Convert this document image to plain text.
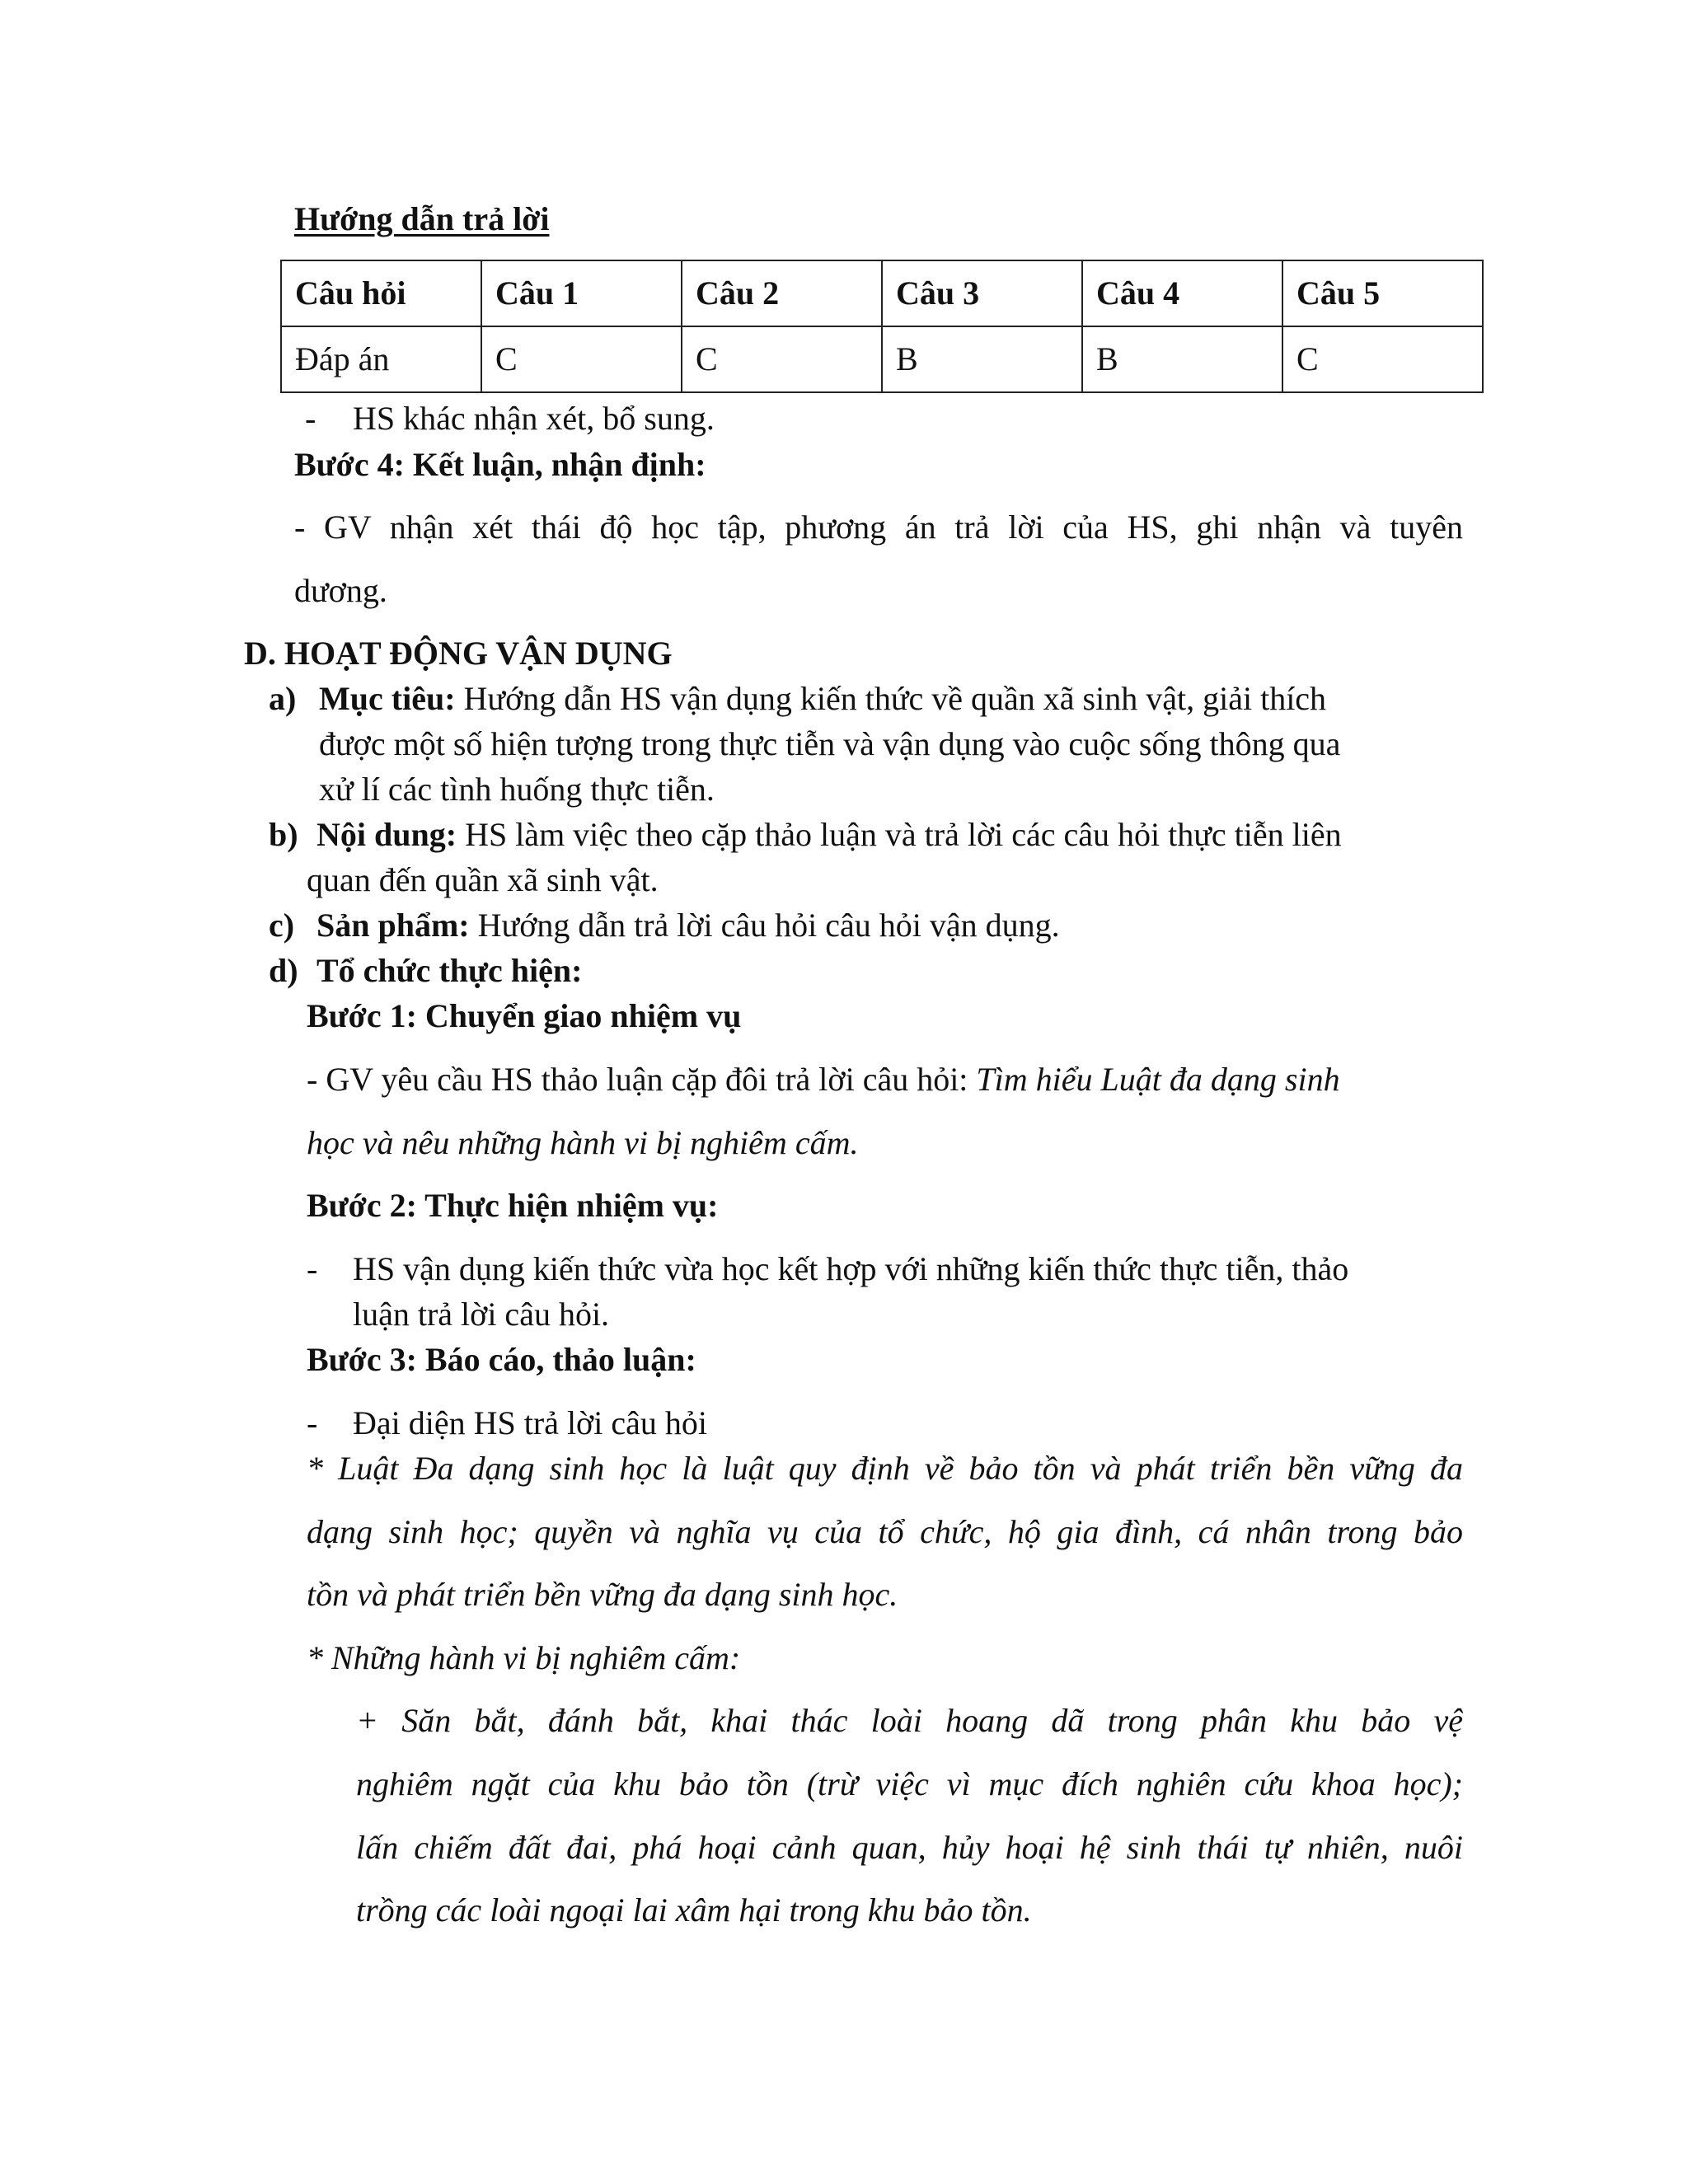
Hướng dẫn trả lời
Câu hỏi	Câu 1	Câu 2	Câu 3	Câu 4	Câu 5
Đáp án	C	C	B	B	C
- HS khác nhận xét, bổ sung.
Bước 4: Kết luận, nhận định:
- GV nhận xét thái độ học tập, phương án trả lời của HS, ghi nhận và tuyên
dương.
D. HOẠT ĐỘNG VẬN DỤNG
a) Mục tiêu: Hướng dẫn HS vận dụng kiến thức về quần xã sinh vật, giải thích
được một số hiện tượng trong thực tiễn và vận dụng vào cuộc sống thông qua
xử lí các tình huống thực tiễn.
b) Nội dung: HS làm việc theo cặp thảo luận và trả lời các câu hỏi thực tiễn liên
quan đến quần xã sinh vật.
c) Sản phẩm: Hướng dẫn trả lời câu hỏi câu hỏi vận dụng.
d) Tổ chức thực hiện:
Bước 1: Chuyển giao nhiệm vụ
- GV yêu cầu HS thảo luận cặp đôi trả lời câu hỏi: Tìm hiểu Luật đa dạng sinh
học và nêu những hành vi bị nghiêm cấm.
Bước 2: Thực hiện nhiệm vụ:
- HS vận dụng kiến thức vừa học kết hợp với những kiến thức thực tiễn, thảo
luận trả lời câu hỏi.
Bước 3: Báo cáo, thảo luận:
- Đại diện HS trả lời câu hỏi
* Luật Đa dạng sinh học là luật quy định về bảo tồn và phát triển bền vững đa
dạng sinh học; quyền và nghĩa vụ của tổ chức, hộ gia đình, cá nhân trong bảo
tồn và phát triển bền vững đa dạng sinh học.
* Những hành vi bị nghiêm cấm:
+ Săn bắt, đánh bắt, khai thác loài hoang dã trong phân khu bảo vệ
nghiêm ngặt của khu bảo tồn (trừ việc vì mục đích nghiên cứu khoa học);
lấn chiếm đất đai, phá hoại cảnh quan, hủy hoại hệ sinh thái tự nhiên, nuôi
trồng các loài ngoại lai xâm hại trong khu bảo tồn.
